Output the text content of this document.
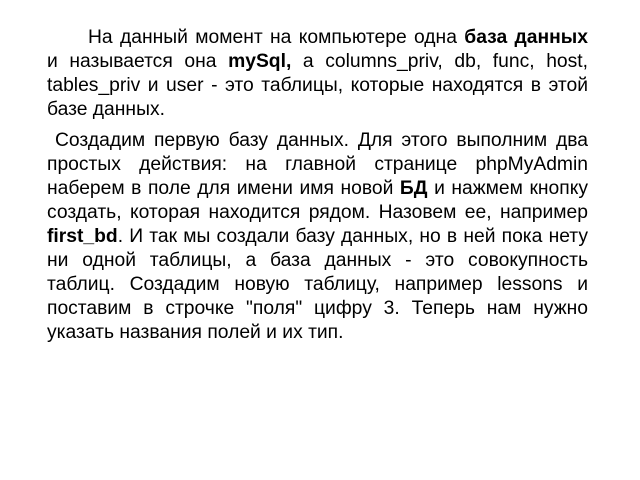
На данный момент на компьютере одна база данных и называется она mySql, а columns_priv, db, func, host, tables_priv и user - это таблицы, которые находятся в этой базе данных.

Создадим первую базу данных. Для этого выполним два простых действия: на главной странице phpMyAdmin наберем в поле для имени имя новой БД и нажмем кнопку создать, которая находится рядом. Назовем ее, например first_bd. И так мы создали базу данных, но в ней пока нету ни одной таблицы, а база данных - это совокупность таблиц. Создадим новую таблицу, например lessons и поставим в строчке "поля" цифру 3. Теперь нам нужно указать названия полей и их тип.
